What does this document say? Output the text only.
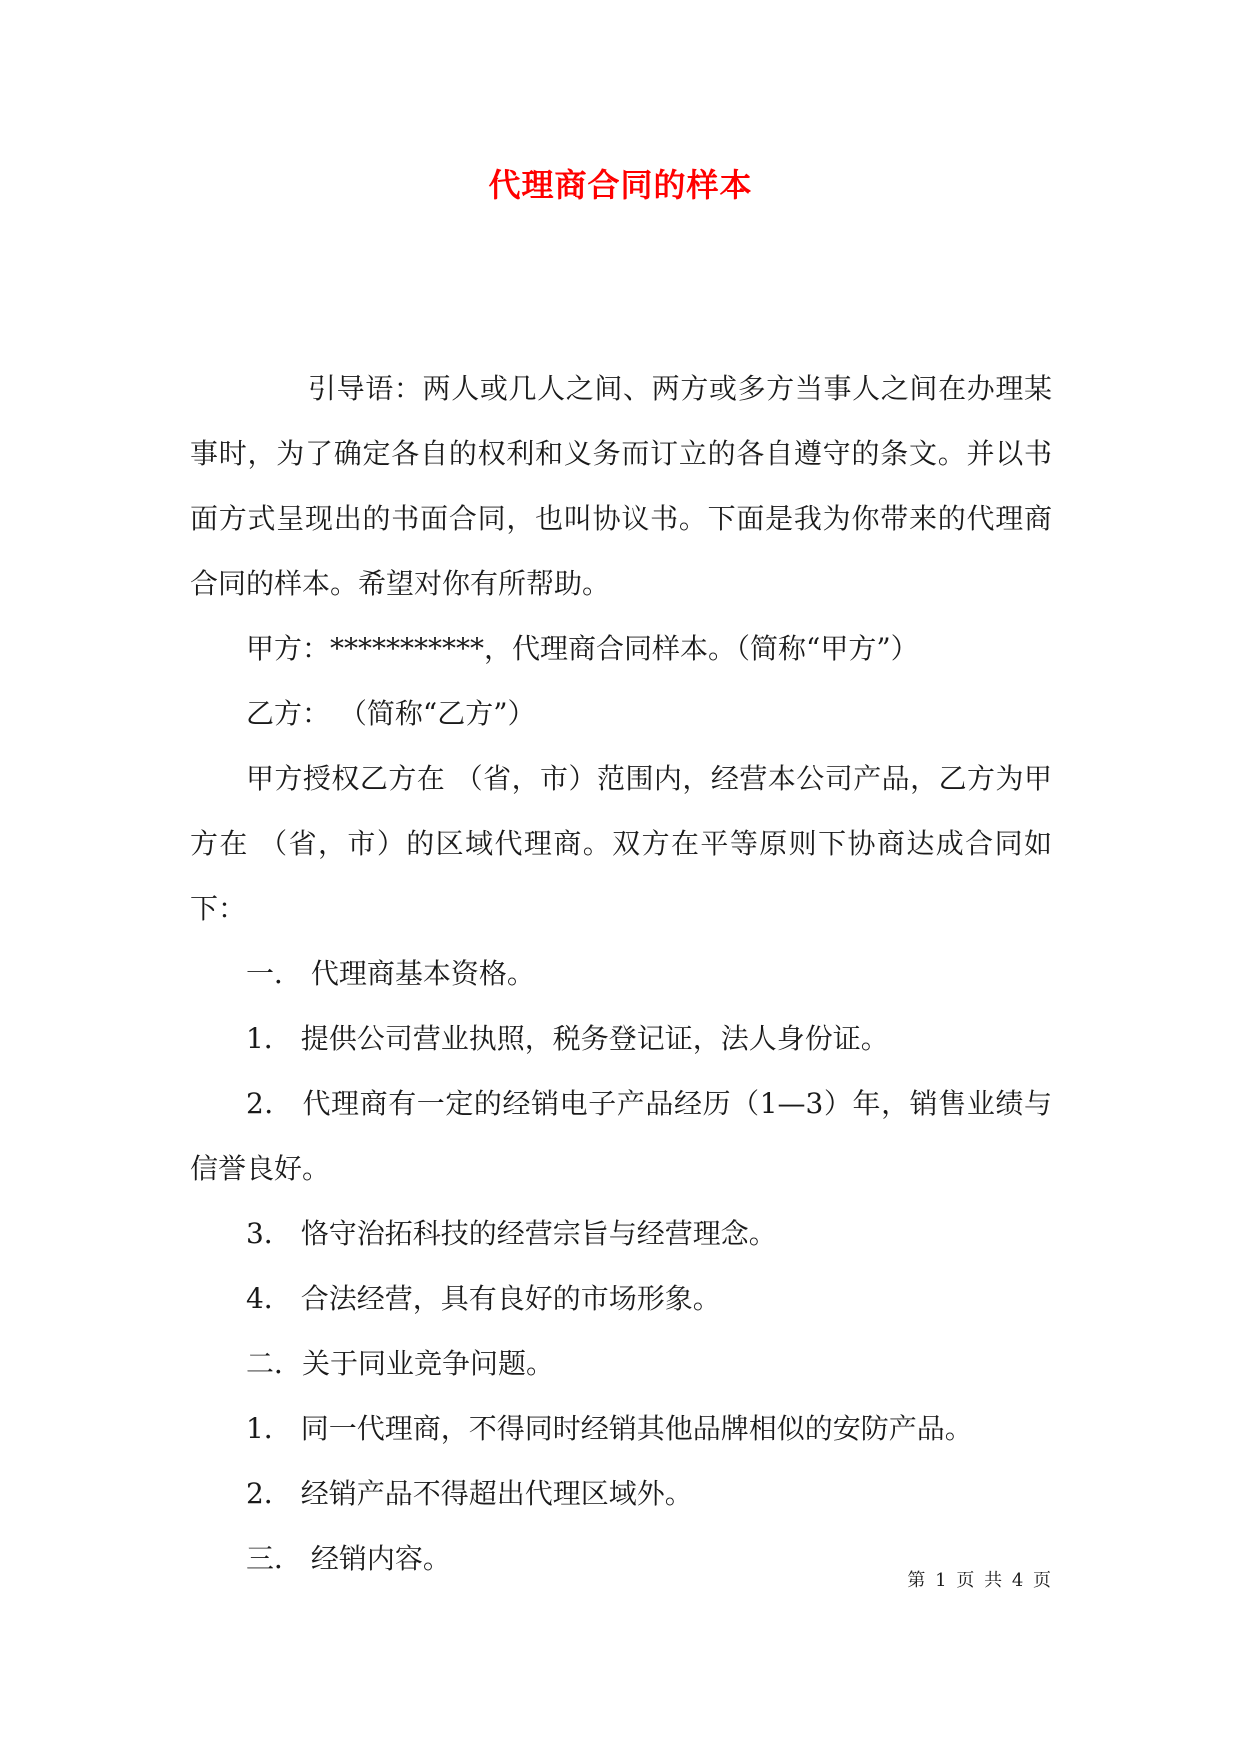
代理商合同的样本

引导语：两人或几人之间、两方或多方当事人之间在办理某事时，为了确定各自的权利和义务而订立的各自遵守的条文。并以书面方式呈现出的书面合同，也叫协议书。下面是我为你带来的代理商合同的样本。希望对你有所帮助。

甲方：***********，代理商合同样本。（简称“甲方”）

乙方： （简称“乙方”）

甲方授权乙方在 （省，市）范围内，经营本公司产品，乙方为甲方在 （省，市）的区域代理商。双方在平等原则下协商达成合同如下：

一． 代理商基本资格。

1． 提供公司营业执照，税务登记证，法人身份证。

2． 代理商有一定的经销电子产品经历（1—3）年，销售业绩与信誉良好。

3． 恪守治拓科技的经营宗旨与经营理念。

4． 合法经营，具有良好的市场形象。

二．关于同业竞争问题。

1． 同一代理商，不得同时经销其他品牌相似的安防产品。

2． 经销产品不得超出代理区域外。

三． 经销内容。

第 1 页 共 4 页
